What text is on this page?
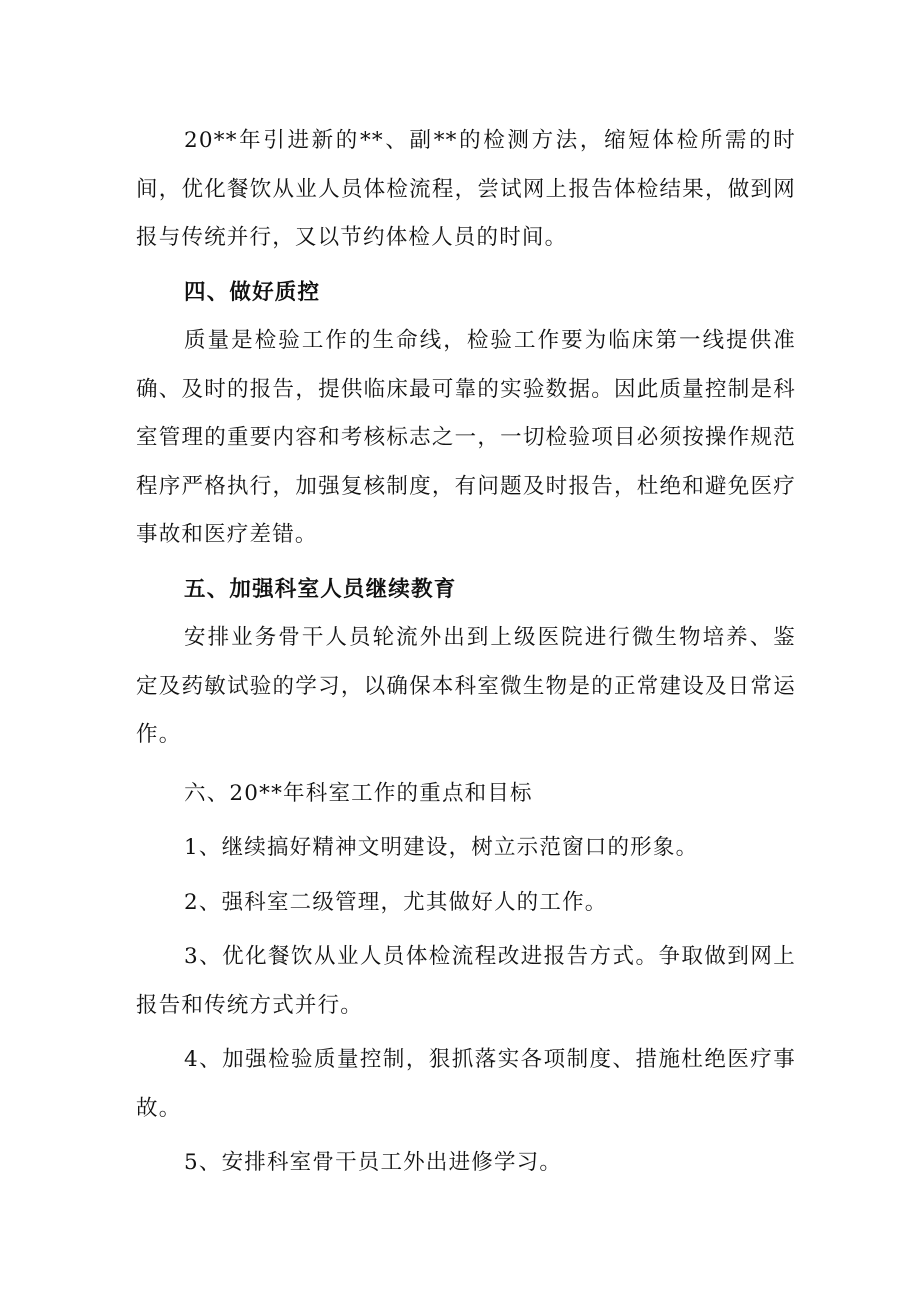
20**年引进新的**、副**的检测方法，缩短体检所需的时间，优化餐饮从业人员体检流程，尝试网上报告体检结果，做到网报与传统并行，又以节约体检人员的时间。

四、做好质控

质量是检验工作的生命线，检验工作要为临床第一线提供准确、及时的报告，提供临床最可靠的实验数据。因此质量控制是科室管理的重要内容和考核标志之一，一切检验项目必须按操作规范程序严格执行，加强复核制度，有问题及时报告，杜绝和避免医疗事故和医疗差错。

五、加强科室人员继续教育

安排业务骨干人员轮流外出到上级医院进行微生物培养、鉴定及药敏试验的学习，以确保本科室微生物是的正常建设及日常运作。

六、20**年科室工作的重点和目标

1、继续搞好精神文明建设，树立示范窗口的形象。

2、强科室二级管理，尤其做好人的工作。

3、优化餐饮从业人员体检流程改进报告方式。争取做到网上报告和传统方式并行。

4、加强检验质量控制，狠抓落实各项制度、措施杜绝医疗事故。

5、安排科室骨干员工外出进修学习。
